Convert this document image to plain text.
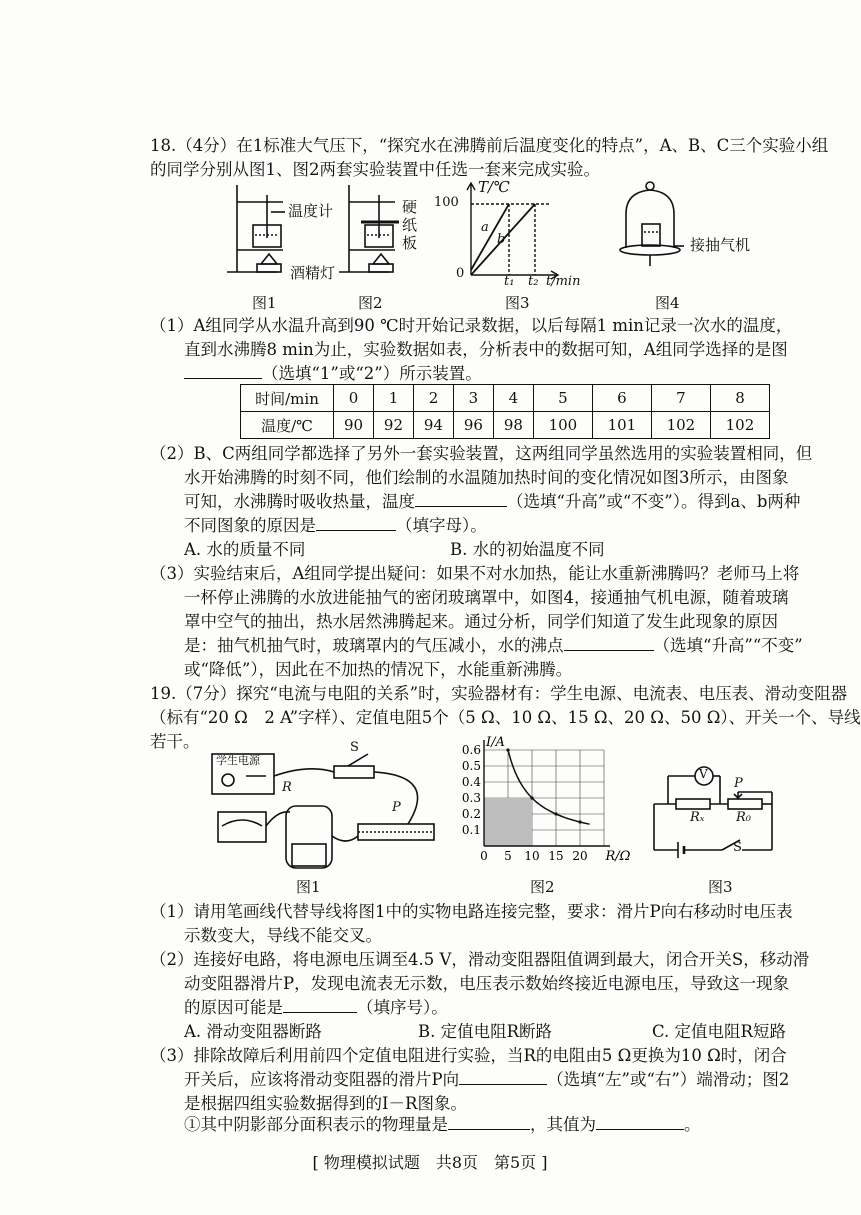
18.（4分）在1标准大气压下，“探究水在沸腾前后温度变化的特点”，A、B、C三个实验小组
的同学分别从图1、图2两套实验装置中任选一套来完成实验。
温度计	硬
纸
板
酒精灯
接抽气机
T/℃
100
0
a
b
t₁ t₂ t/min
图1	图2	图3	图4
（1）A组同学从水温升高到90 ℃时开始记录数据，以后每隔1 min记录一次水的温度，
直到水沸腾8 min为止，实验数据如表，分析表中的数据可知，A组同学选择的是图
（选填“1”或“2”）所示装置。
时间/min	0	1	2	3	4	5	6	7	8
温度/℃	90	92	94	96	98	100	101	102	102
（2）B、C两组同学都选择了另外一套实验装置，这两组同学虽然选用的实验装置相同，但
水开始沸腾的时刻不同，他们绘制的水温随加热时间的变化情况如图3所示，由图象
可知，水沸腾时吸收热量，温度	（选填“升高”或“不变”）。得到a、b两种
不同图象的原因是	（填字母）。
A. 水的质量不同	B. 水的初始温度不同
（3）实验结束后，A组同学提出疑问：如果不对水加热，能让水重新沸腾吗？老师马上将
一杯停止沸腾的水放进能抽气的密闭玻璃罩中，如图4，接通抽气机电源，随着玻璃
罩中空气的抽出，热水居然沸腾起来。通过分析，同学们知道了发生此现象的原因
是：抽气机抽气时，玻璃罩内的气压减小，水的沸点	（选填“升高”“不变”
或“降低”），因此在不加热的情况下，水能重新沸腾。
19.（7分）探究“电流与电阻的关系”时，实验器材有：学生电源、电流表、电压表、滑动变阻器
（标有“20 Ω　2 A”字样）、定值电阻5个（5 Ω、10 Ω、15 Ω、20 Ω、50 Ω）、开关一个、导线
若干。
学生电源
S
R
P
图1
0.1
0.2
0.3
0.4
0.5
0.6
0 5 10 15 20
I/A
R/Ω
图2
V
P
Rₓ R₀
S
图3
（1）请用笔画线代替导线将图1中的实物电路连接完整，要求：滑片P向右移动时电压表
示数变大，导线不能交叉。
（2）连接好电路，将电源电压调至4.5 V，滑动变阻器阻值调到最大，闭合开关S，移动滑
动变阻器滑片P，发现电流表无示数，电压表示数始终接近电源电压，导致这一现象
的原因可能是	（填序号）。
A. 滑动变阻器断路	B. 定值电阻R断路	C. 定值电阻R短路
（3）排除故障后利用前四个定值电阻进行实验，当R的电阻由5 Ω更换为10 Ω时，闭合
开关后，应该将滑动变阻器的滑片P向	（选填“左”或“右”）端滑动；图2
是根据四组实验数据得到的I－R图象。
①其中阴影部分面积表示的物理量是	，其值为	。
[ 物理模拟试题　共8页　第5页 ]
